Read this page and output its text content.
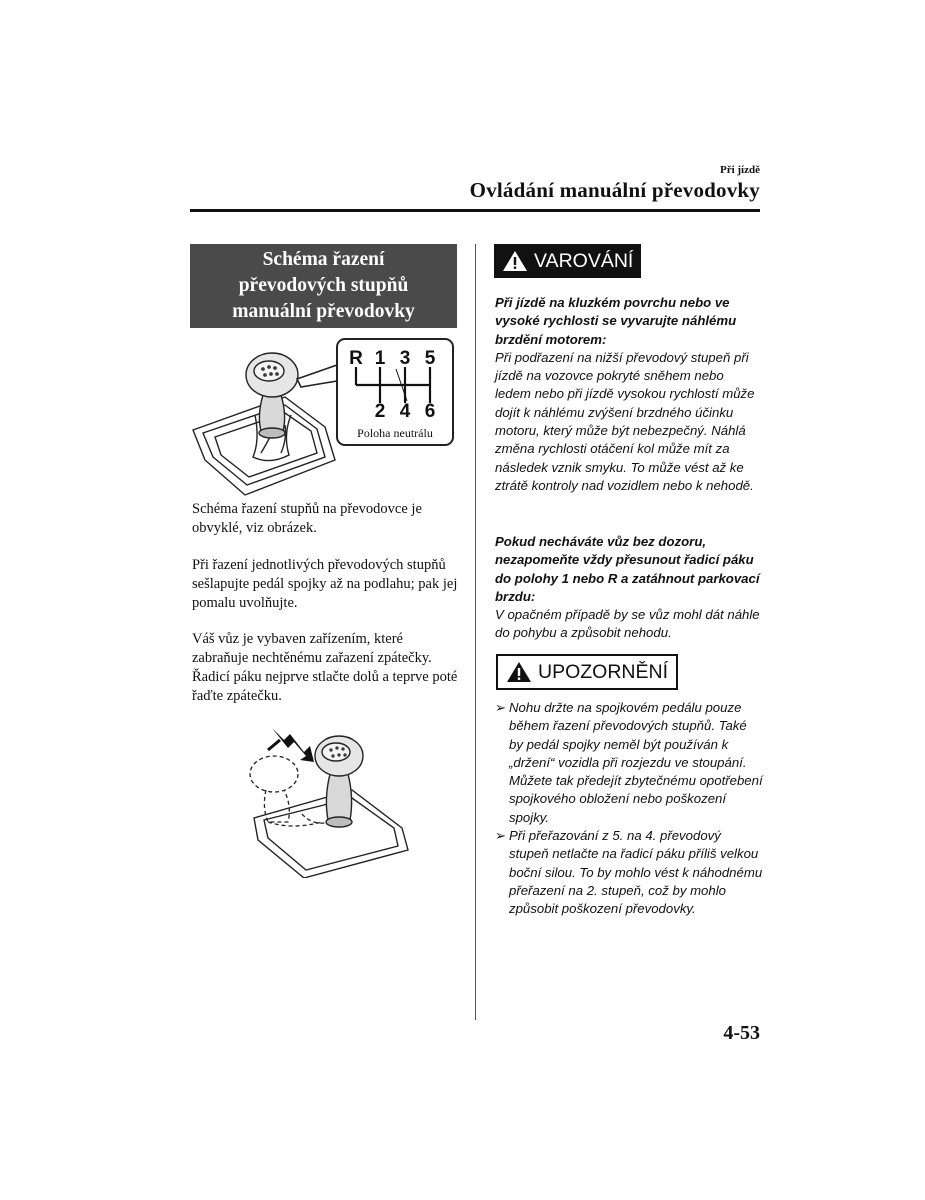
Při jízdě
Ovládání manuální převodovky
Schéma řazení
převodových stupňů
manuální převodovky
R 1 3 5
2 4 6
Poloha neutrálu

Schéma řazení stupňů na převodovce je obvyklé, viz obrázek.

Při řazení jednotlivých převodových stupňů sešlapujte pedál spojky až na podlahu; pak jej pomalu uvolňujte.

Váš vůz je vybaven zařízením, které zabraňuje nechtěnému zařazení zpátečky. Řadicí páku nejprve stlačte dolů a teprve poté řaďte zpátečku.

VAROVÁNÍ

Při jízdě na kluzkém povrchu nebo ve vysoké rychlosti se vyvarujte náhlému brzdění motorem:

Při podřazení na nižší převodový stupeň při jízdě na vozovce pokryté sněhem nebo ledem nebo při jízdě vysokou rychlostí může dojít k náhlému zvýšení brzdného účinku motoru, který může být nebezpečný. Náhlá změna rychlosti otáčení kol může mít za následek vznik smyku. To může vést až ke ztrátě kontroly nad vozidlem nebo k nehodě.

Pokud necháváte vůz bez dozoru, nezapomeňte vždy přesunout řadicí páku do polohy 1 nebo R a zatáhnout parkovací brzdu:

V opačném případě by se vůz mohl dát náhle do pohybu a způsobit nehodu.

UPOZORNĚNÍ
➢ Nohu držte na spojkovém pedálu pouze během řazení převodových stupňů. Také by pedál spojky neměl být používán k „držení“ vozidla při rozjezdu ve stoupání. Můžete tak předejít zbytečnému opotřebení spojkového obložení nebo poškození spojky.
➢ Při přeřazování z 5. na 4. převodový stupeň netlačte na řadicí páku příliš velkou boční silou. To by mohlo vést k náhodnému přeřazení na 2. stupeň, což by mohlo způsobit poškození převodovky.
4-53
